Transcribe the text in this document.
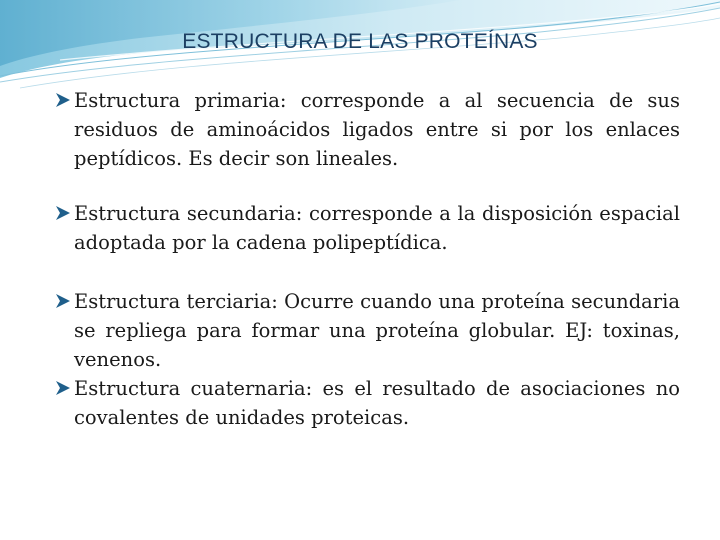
ESTRUCTURA DE LAS PROTEÍNAS
Estructura primaria: corresponde a al secuencia de sus residuos de aminoácidos ligados entre si por los enlaces peptídicos. Es decir son lineales.
Estructura secundaria: corresponde a la disposición espacial adoptada por la cadena polipeptídica.
Estructura terciaria: Ocurre cuando una proteína secundaria se repliega para formar una proteína globular. EJ: toxinas, venenos.
Estructura cuaternaria: es el resultado de asociaciones no covalentes de unidades proteicas.
